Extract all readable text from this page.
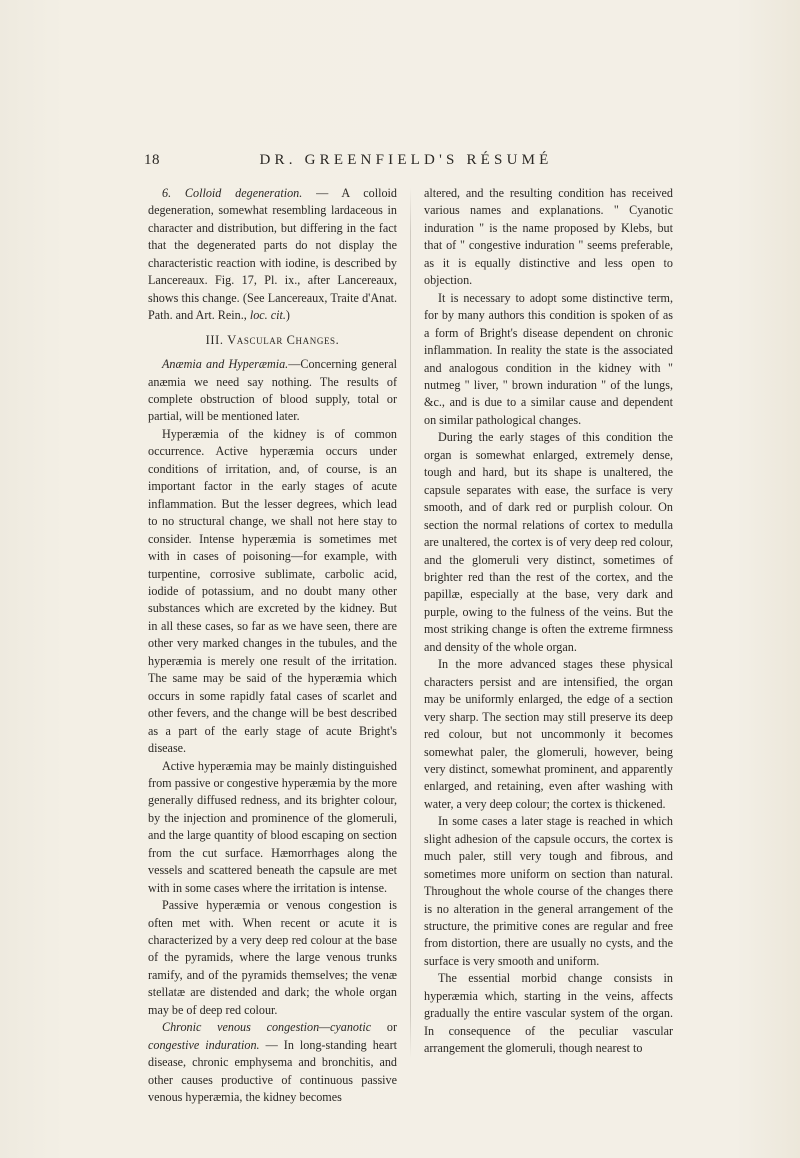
18	DR. GREENFIELD'S RÉSUMÉ

6. Colloid degeneration. — A colloid degeneration, somewhat resembling lardaceous in character and distribution, but differing in the fact that the degenerated parts do not display the characteristic reaction with iodine, is described by Lancereaux. Fig. 17, Pl. ix., after Lancereaux, shows this change. (See Lancereaux, Traite d'Anat. Path. and Art. Rein., loc. cit.)

III. Vascular Changes.

Anæmia and Hyperæmia.—Concerning general anæmia we need say nothing. The results of complete obstruction of blood supply, total or partial, will be mentioned later.

Hyperæmia of the kidney is of common occurrence. Active hyperæmia occurs under conditions of irritation, and, of course, is an important factor in the early stages of acute inflammation. But the lesser degrees, which lead to no structural change, we shall not here stay to consider. Intense hyperæmia is sometimes met with in cases of poisoning—for example, with turpentine, corrosive sublimate, carbolic acid, iodide of potassium, and no doubt many other substances which are excreted by the kidney. But in all these cases, so far as we have seen, there are other very marked changes in the tubules, and the hyperæmia is merely one result of the irritation. The same may be said of the hyperæmia which occurs in some rapidly fatal cases of scarlet and other fevers, and the change will be best described as a part of the early stage of acute Bright's disease.

Active hyperæmia may be mainly distinguished from passive or congestive hyperæmia by the more generally diffused redness, and its brighter colour, by the injection and prominence of the glomeruli, and the large quantity of blood escaping on section from the cut surface. Hæmorrhages along the vessels and scattered beneath the capsule are met with in some cases where the irritation is intense.

Passive hyperæmia or venous congestion is often met with. When recent or acute it is characterized by a very deep red colour at the base of the pyramids, where the large venous trunks ramify, and of the pyramids themselves; the venæ stellatæ are distended and dark; the whole organ may be of deep red colour.

Chronic venous congestion—cyanotic or congestive induration. — In long-standing heart disease, chronic emphysema and bronchitis, and other causes productive of continuous passive venous hyperæmia, the kidney becomes

altered, and the resulting condition has received various names and explanations. " Cyanotic induration " is the name proposed by Klebs, but that of " congestive induration " seems preferable, as it is equally distinctive and less open to objection.

It is necessary to adopt some distinctive term, for by many authors this condition is spoken of as a form of Bright's disease dependent on chronic inflammation. In reality the state is the associated and analogous condition in the kidney with " nutmeg " liver, " brown induration " of the lungs, &c., and is due to a similar cause and dependent on similar pathological changes.

During the early stages of this condition the organ is somewhat enlarged, extremely dense, tough and hard, but its shape is unaltered, the capsule separates with ease, the surface is very smooth, and of dark red or purplish colour. On section the normal relations of cortex to medulla are unaltered, the cortex is of very deep red colour, and the glomeruli very distinct, sometimes of brighter red than the rest of the cortex, and the papillæ, especially at the base, very dark and purple, owing to the fulness of the veins. But the most striking change is often the extreme firmness and density of the whole organ.

In the more advanced stages these physical characters persist and are intensified, the organ may be uniformly enlarged, the edge of a section very sharp. The section may still preserve its deep red colour, but not uncommonly it becomes somewhat paler, the glomeruli, however, being very distinct, somewhat prominent, and apparently enlarged, and retaining, even after washing with water, a very deep colour; the cortex is thickened.

In some cases a later stage is reached in which slight adhesion of the capsule occurs, the cortex is much paler, still very tough and fibrous, and sometimes more uniform on section than natural. Throughout the whole course of the changes there is no alteration in the general arrangement of the structure, the primitive cones are regular and free from distortion, there are usually no cysts, and the surface is very smooth and uniform.

The essential morbid change consists in hyperæmia which, starting in the veins, affects gradually the entire vascular system of the organ. In consequence of the peculiar vascular arrangement the glomeruli, though nearest to
